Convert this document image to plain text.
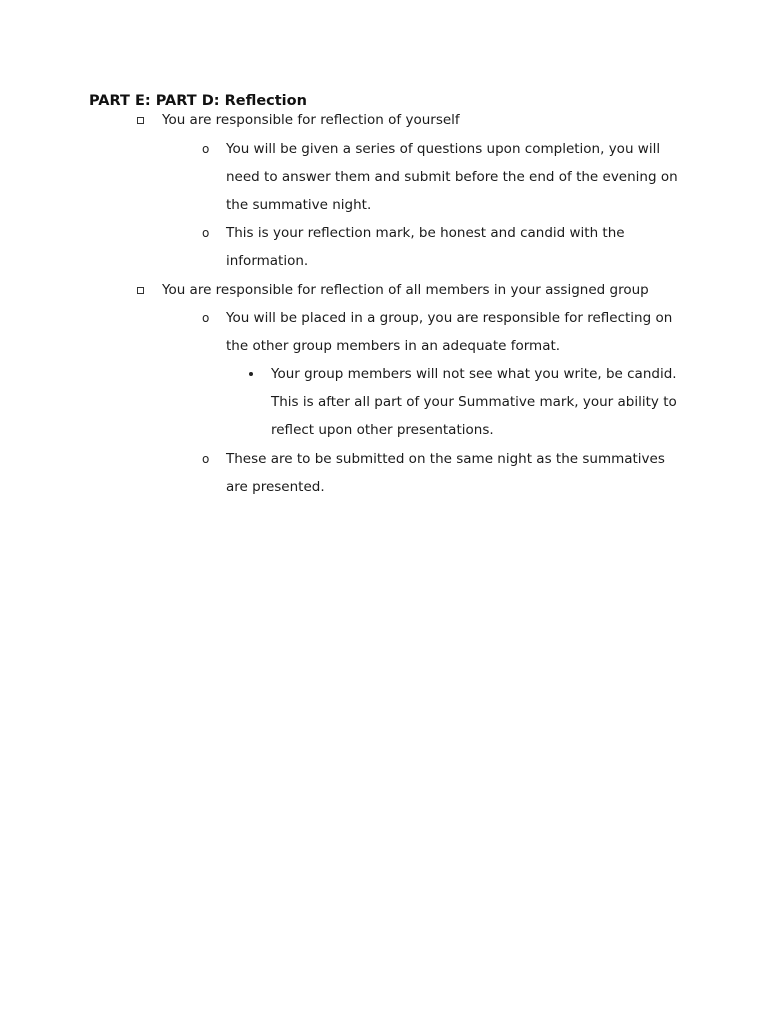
PART E: PART D: Reflection
You are responsible for reflection of yourself
o You will be given a series of questions upon completion, you will
need to answer them and submit before the end of the evening on
the summative night.
o This is your reflection mark, be honest and candid with the
information.
You are responsible for reflection of all members in your assigned group
o You will be placed in a group, you are responsible for reflecting on
the other group members in an adequate format.
Your group members will not see what you write, be candid.
This is after all part of your Summative mark, your ability to
reflect upon other presentations.
o These are to be submitted on the same night as the summatives
are presented.
